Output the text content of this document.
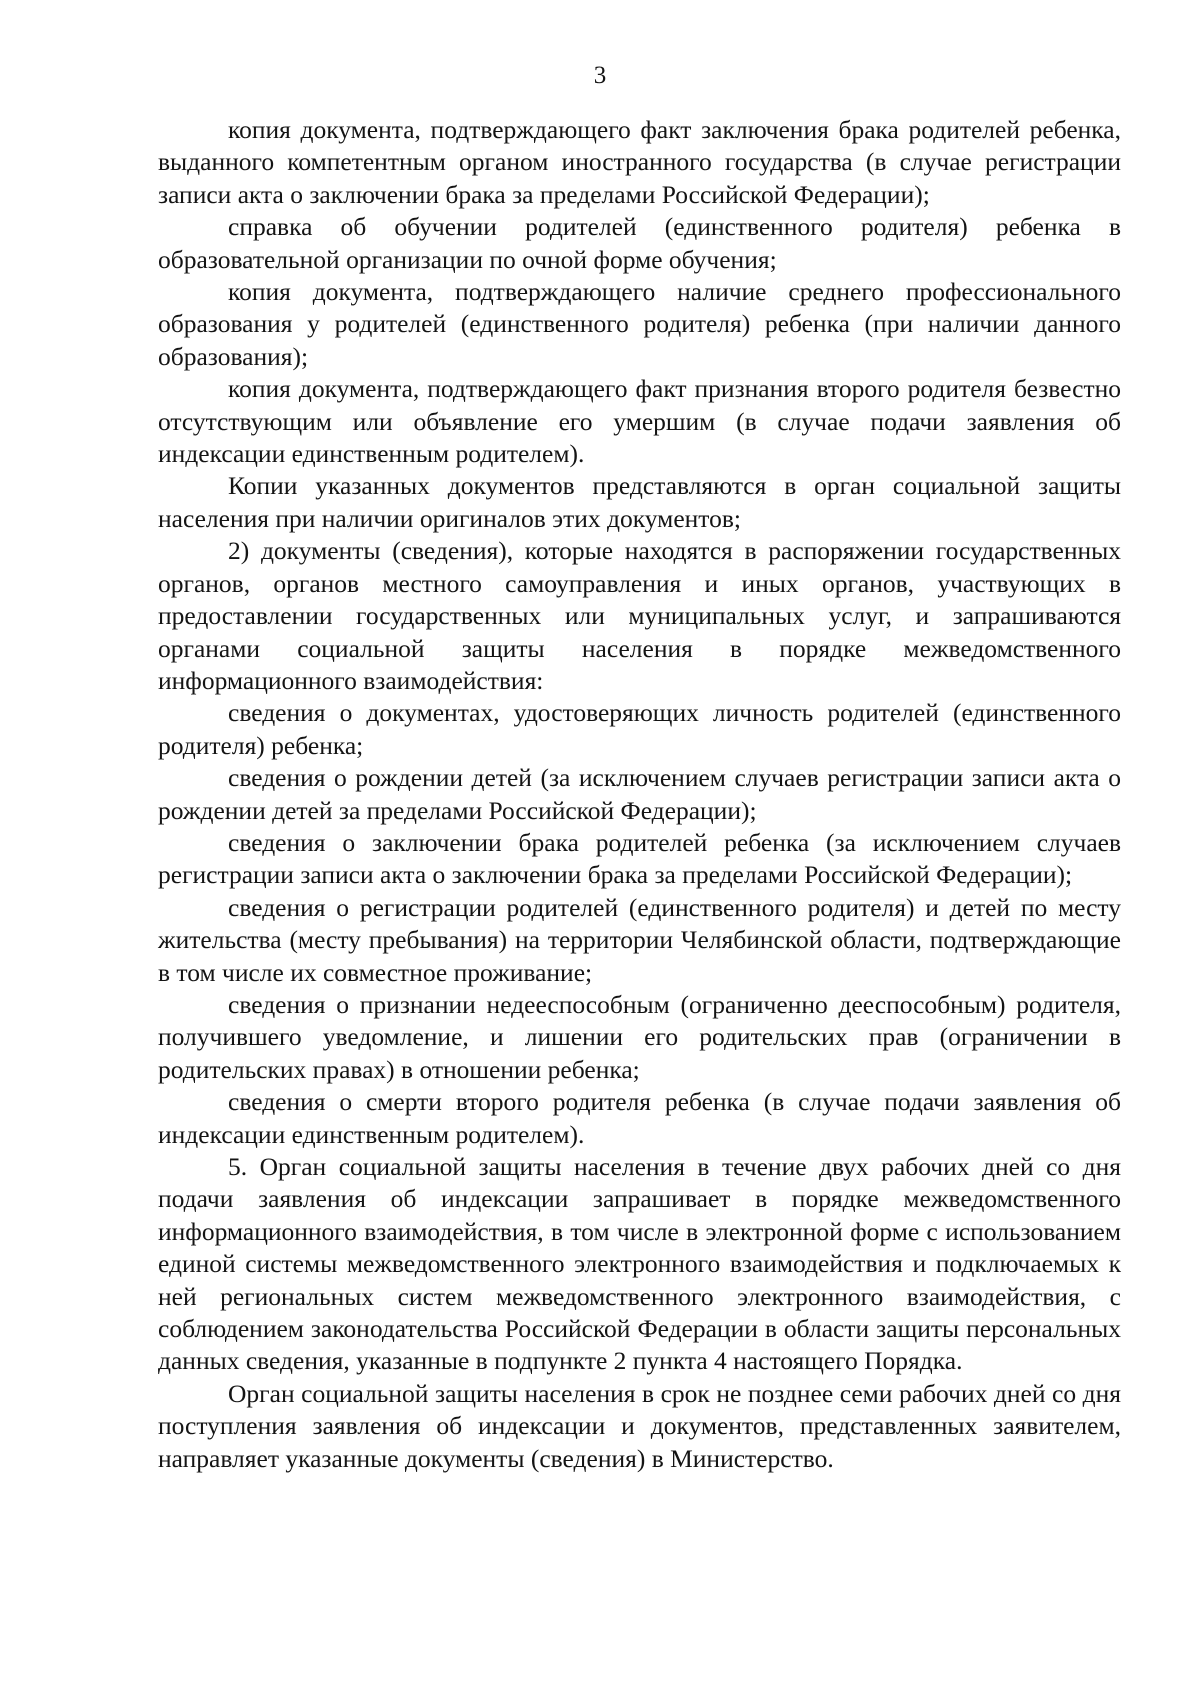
3

копия документа, подтверждающего факт заключения брака родителей ребенка, выданного компетентным органом иностранного государства (в случае регистрации записи акта о заключении брака за пределами Российской Федерации);

справка об обучении родителей (единственного родителя) ребенка в образовательной организации по очной форме обучения;

копия документа, подтверждающего наличие среднего профессионального образования у родителей (единственного родителя) ребенка (при наличии данного образования);

копия документа, подтверждающего факт признания второго родителя безвестно отсутствующим или объявление его умершим (в случае подачи заявления об индексации единственным родителем).

Копии указанных документов представляются в орган социальной защиты населения при наличии оригиналов этих документов;

2) документы (сведения), которые находятся в распоряжении государственных органов, органов местного самоуправления и иных органов, участвующих в предоставлении государственных или муниципальных услуг, и запрашиваются органами социальной защиты населения в порядке межведомственного информационного взаимодействия:

сведения о документах, удостоверяющих личность родителей (единственного родителя) ребенка;

сведения о рождении детей (за исключением случаев регистрации записи акта о рождении детей за пределами Российской Федерации);

сведения о заключении брака родителей ребенка (за исключением случаев регистрации записи акта о заключении брака за пределами Российской Федерации);

сведения о регистрации родителей (единственного родителя) и детей по месту жительства (месту пребывания) на территории Челябинской области, подтверждающие в том числе их совместное проживание;

сведения о признании недееспособным (ограниченно дееспособным) родителя, получившего уведомление, и лишении его родительских прав (ограничении в родительских правах) в отношении ребенка;

сведения о смерти второго родителя ребенка (в случае подачи заявления об индексации единственным родителем).

5. Орган социальной защиты населения в течение двух рабочих дней со дня подачи заявления об индексации запрашивает в порядке межведомственного информационного взаимодействия, в том числе в электронной форме с использованием единой системы межведомственного электронного взаимодействия и подключаемых к ней региональных систем межведомственного электронного взаимодействия, с соблюдением законодательства Российской Федерации в области защиты персональных данных сведения, указанные в подпункте 2 пункта 4 настоящего Порядка.

Орган социальной защиты населения в срок не позднее семи рабочих дней со дня поступления заявления об индексации и документов, представленных заявителем, направляет указанные документы (сведения) в Министерство.
